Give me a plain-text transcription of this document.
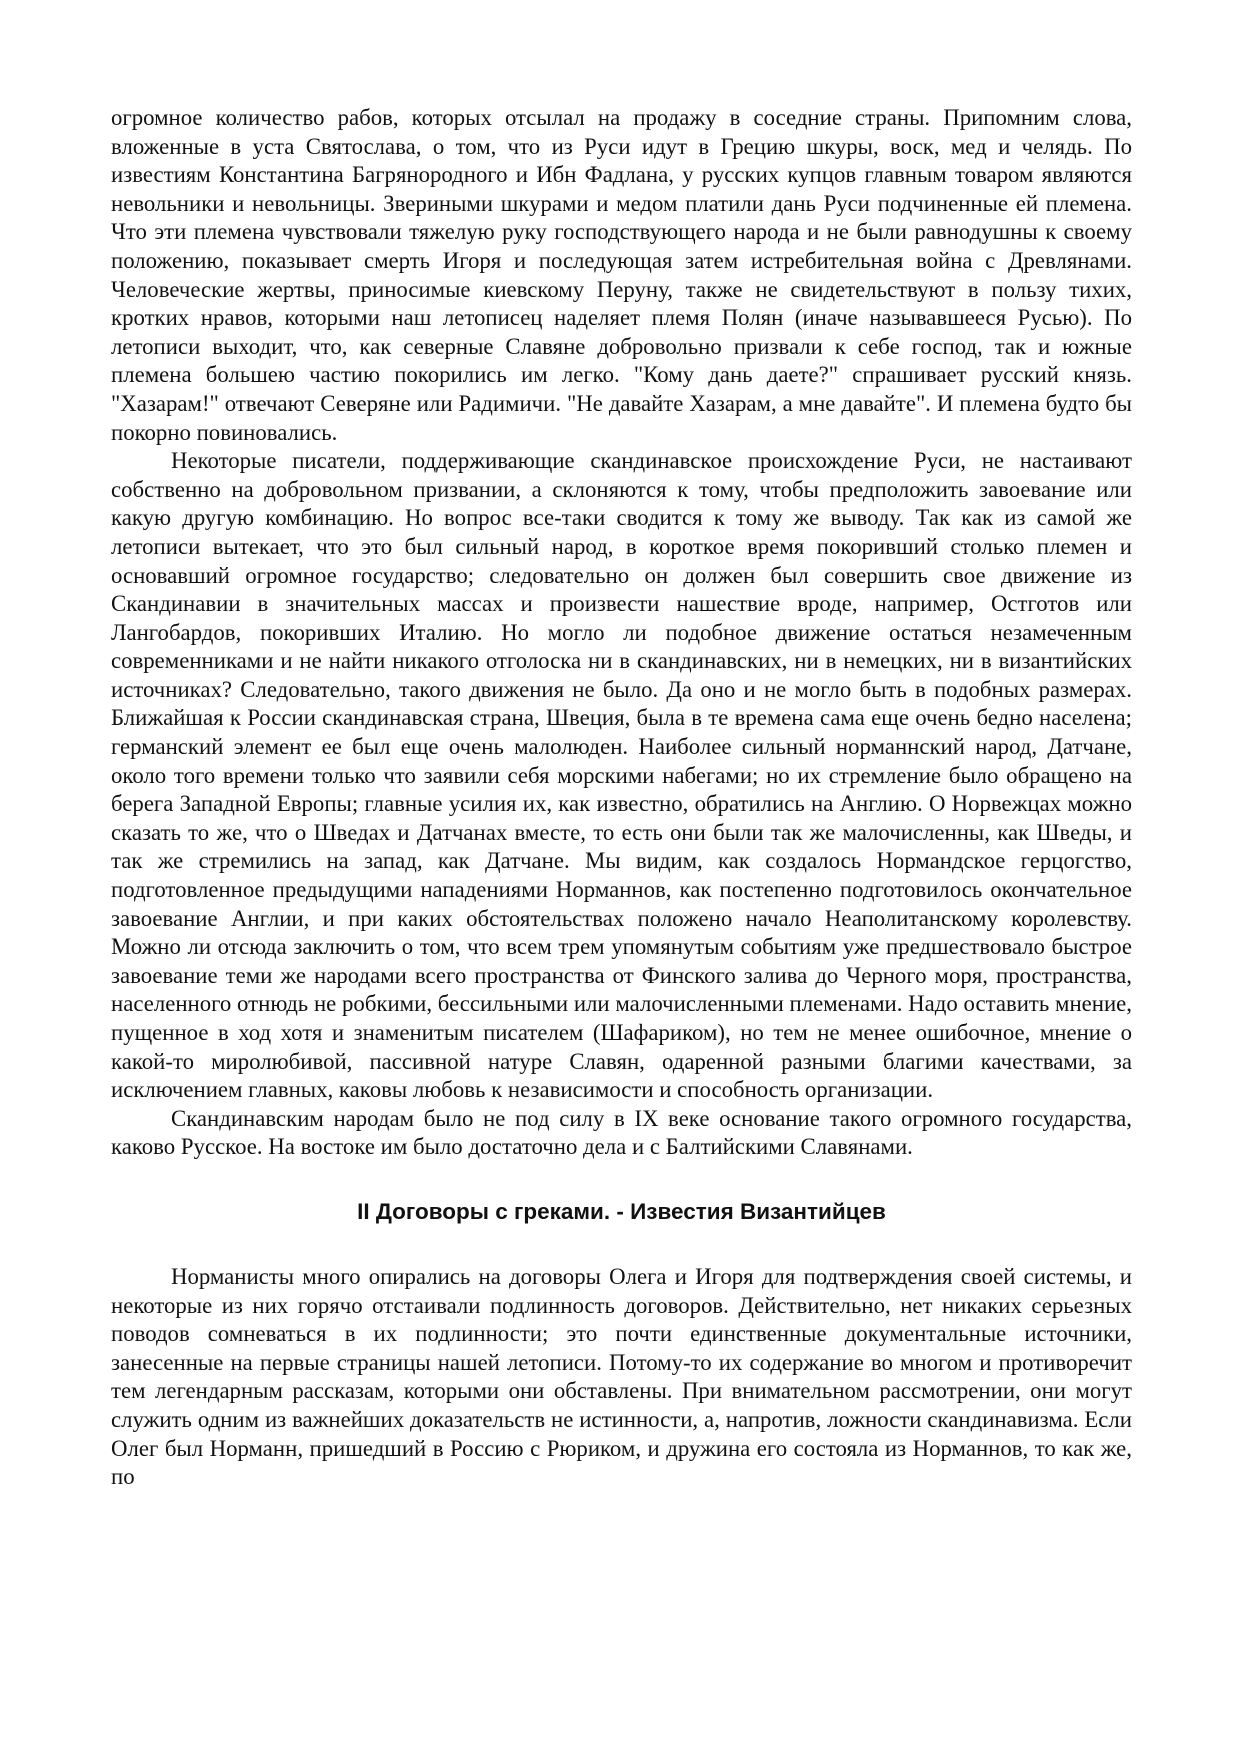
огромное количество рабов, которых отсылал на продажу в соседние страны. Припомним слова, вложенные в уста Святослава, о том, что из Руси идут в Грецию шкуры, воск, мед и челядь. По известиям Константина Багрянородного и Ибн Фадлана, у русских купцов главным товаром являются невольники и невольницы. Звериными шкурами и медом платили дань Руси подчиненные ей племена. Что эти племена чувствовали тяжелую руку господствующего народа и не были равнодушны к своему положению, показывает смерть Игоря и последующая затем истребительная война с Древлянами. Человеческие жертвы, приносимые киевскому Перуну, также не свидетельствуют в пользу тихих, кротких нравов, которыми наш летописец наделяет племя Полян (иначе называвшееся Русью). По летописи выходит, что, как северные Славяне добровольно призвали к себе господ, так и южные племена большею частию покорились им легко. "Кому дань даете?" спрашивает русский князь. "Хазарам!" отвечают Северяне или Радимичи. "Не давайте Хазарам, а мне давайте". И племена будто бы покорно повиновались.

Некоторые писатели, поддерживающие скандинавское происхождение Руси, не настаивают собственно на добровольном призвании, а склоняются к тому, чтобы предположить завоевание или какую другую комбинацию. Но вопрос все-таки сводится к тому же выводу. Так как из самой же летописи вытекает, что это был сильный народ, в короткое время покоривший столько племен и основавший огромное государство; следовательно он должен был совершить свое движение из Скандинавии в значительных массах и произвести нашествие вроде, например, Остготов или Лангобардов, покоривших Италию. Но могло ли подобное движение остаться незамеченным современниками и не найти никакого отголоска ни в скандинавских, ни в немецких, ни в византийских источниках? Следовательно, такого движения не было. Да оно и не могло быть в подобных размерах. Ближайшая к России скандинавская страна, Швеция, была в те времена сама еще очень бедно населена; германский элемент ее был еще очень малолюден. Наиболее сильный норманнский народ, Датчане, около того времени только что заявили себя морскими набегами; но их стремление было обращено на берега Западной Европы; главные усилия их, как известно, обратились на Англию. О Норвежцах можно сказать то же, что о Шведах и Датчанах вместе, то есть они были так же малочисленны, как Шведы, и так же стремились на запад, как Датчане. Мы видим, как создалось Нормандское герцогство, подготовленное предыдущими нападениями Норманнов, как постепенно подготовилось окончательное завоевание Англии, и при каких обстоятельствах положено начало Неаполитанскому королевству. Можно ли отсюда заключить о том, что всем трем упомянутым событиям уже предшествовало быстрое завоевание теми же народами всего пространства от Финского залива до Черного моря, пространства, населенного отнюдь не робкими, бессильными или малочисленными племенами. Надо оставить мнение, пущенное в ход хотя и знаменитым писателем (Шафариком), но тем не менее ошибочное, мнение о какой-то миролюбивой, пассивной натуре Славян, одаренной разными благими качествами, за исключением главных, каковы любовь к независимости и способность организации.

Скандинавским народам было не под силу в IX веке основание такого огромного государства, каково Русское. На востоке им было достаточно дела и с Балтийскими Славянами.

II Договоры с греками. - Известия Византийцев

Норманисты много опирались на договоры Олега и Игоря для подтверждения своей системы, и некоторые из них горячо отстаивали подлинность договоров. Действительно, нет никаких серьезных поводов сомневаться в их подлинности; это почти единственные документальные источники, занесенные на первые страницы нашей летописи. Потому-то их содержание во многом и противоречит тем легендарным рассказам, которыми они обставлены. При внимательном рассмотрении, они могут служить одним из важнейших доказательств не истинности, а, напротив, ложности скандинавизма. Если Олег был Норманн, пришедший в Россию с Рюриком, и дружина его состояла из Норманнов, то как же, по
